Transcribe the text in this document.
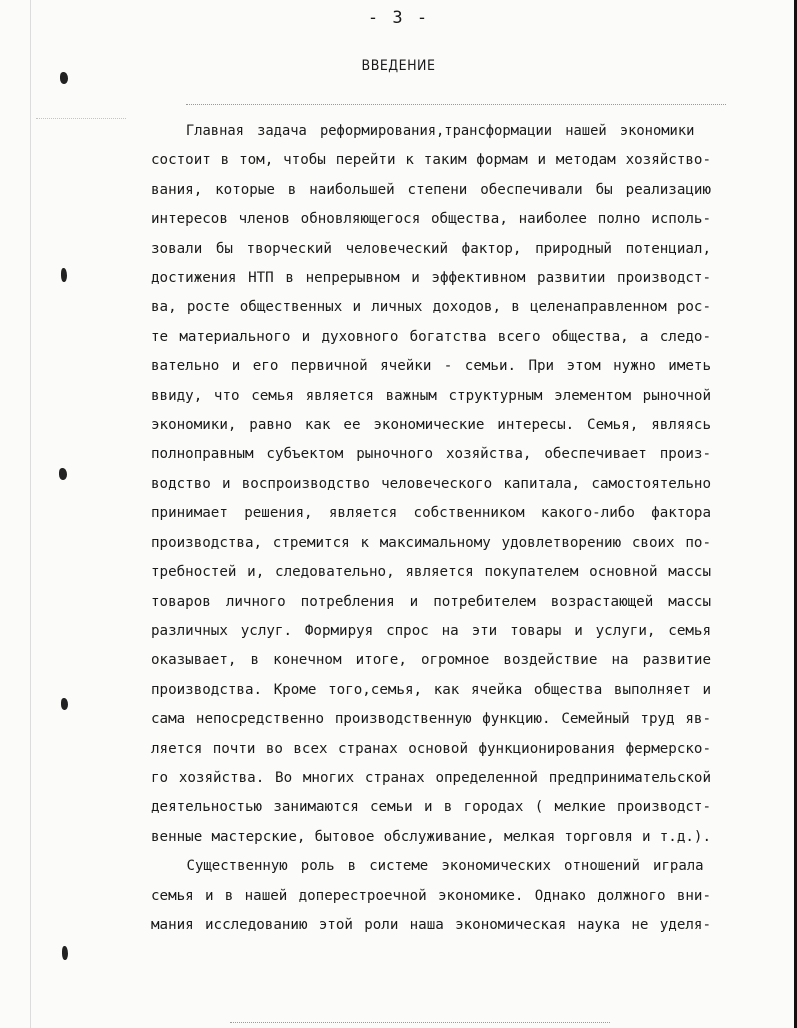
- 3 -
ВВЕДЕНИЕ

Главная задача реформирования,трансформации нашей экономики
состоит в том, чтобы перейти к таким формам и методам хозяйство-
вания, которые в наибольшей степени обеспечивали бы реализацию
интересов членов обновляющегося общества, наиболее полно исполь-
зовали бы творческий человеческий фактор, природный потенциал,
достижения НТП в непрерывном и эффективном развитии производст-
ва, росте общественных и личных доходов, в целенаправленном рос-
те материального и духовного богатства всего общества, а следо-
вательно и его первичной ячейки - семьи. При этом нужно иметь
ввиду, что семья является важным структурным элементом рыночной
экономики, равно как ее экономические интересы. Семья, являясь
полноправным субъектом рыночного хозяйства, обеспечивает произ-
водство и воспроизводство человеческого капитала, самостоятельно
принимает решения, является собственником какого-либо фактора
производства, стремится к максимальному удовлетворению своих по-
требностей и, следовательно, является покупателем основной массы
товаров личного потребления и потребителем возрастающей массы
различных услуг. Формируя спрос на эти товары и услуги, семья
оказывает, в конечном итоге, огромное воздействие на развитие
производства. Кроме того,семья, как ячейка общества выполняет и
сама непосредственно производственную функцию. Семейный труд яв-
ляется почти во всех странах основой функционирования фермерско-
го хозяйства. Во многих странах определенной предпринимательской
деятельностью занимаются семьи и в городах ( мелкие производст-
венные мастерские, бытовое обслуживание, мелкая торговля и т.д.).

Существенную роль в системе экономических отношений играла
семья и в нашей доперестроечной экономике. Однако должного вни-
мания исследованию этой роли наша экономическая наука не уделя-
